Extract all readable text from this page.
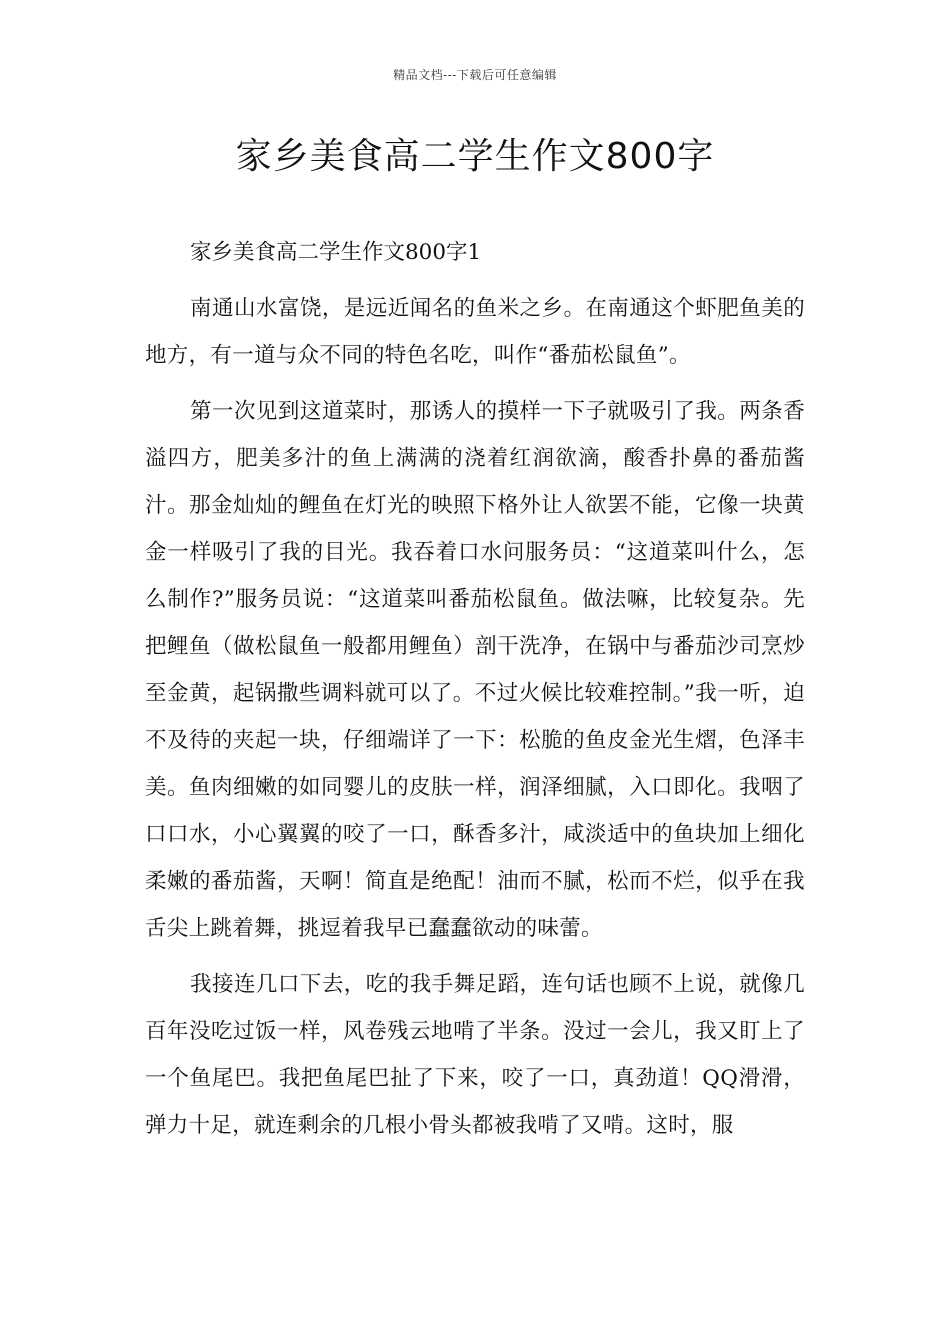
精品文档---下载后可任意编辑
家乡美食高二学生作文800字

家乡美食高二学生作文800字1

南通山水富饶，是远近闻名的鱼米之乡。在南通这个虾肥鱼美的地方，有一道与众不同的特色名吃，叫作“番茄松鼠鱼”。

第一次见到这道菜时，那诱人的摸样一下子就吸引了我。两条香溢四方，肥美多汁的鱼上满满的浇着红润欲滴，酸香扑鼻的番茄酱汁。那金灿灿的鲤鱼在灯光的映照下格外让人欲罢不能，它像一块黄金一样吸引了我的目光。我吞着口水问服务员：“这道菜叫什么，怎么制作?”服务员说：“这道菜叫番茄松鼠鱼。做法嘛，比较复杂。先把鲤鱼（做松鼠鱼一般都用鲤鱼）剖干洗净，在锅中与番茄沙司烹炒至金黄，起锅撒些调料就可以了。不过火候比较难控制。”我一听，迫不及待的夹起一块，仔细端详了一下：松脆的鱼皮金光生熠，色泽丰美。鱼肉细嫩的如同婴儿的皮肤一样，润泽细腻，入口即化。我咽了口口水，小心翼翼的咬了一口，酥香多汁，咸淡适中的鱼块加上细化柔嫩的番茄酱，天啊！简直是绝配！油而不腻，松而不烂，似乎在我舌尖上跳着舞，挑逗着我早已蠢蠢欲动的味蕾。

我接连几口下去，吃的我手舞足蹈，连句话也顾不上说，就像几百年没吃过饭一样，风卷残云地啃了半条。没过一会儿，我又盯上了一个鱼尾巴。我把鱼尾巴扯了下来，咬了一口，真劲道！QQ滑滑，弹力十足，就连剩余的几根小骨头都被我啃了又啃。这时，服
